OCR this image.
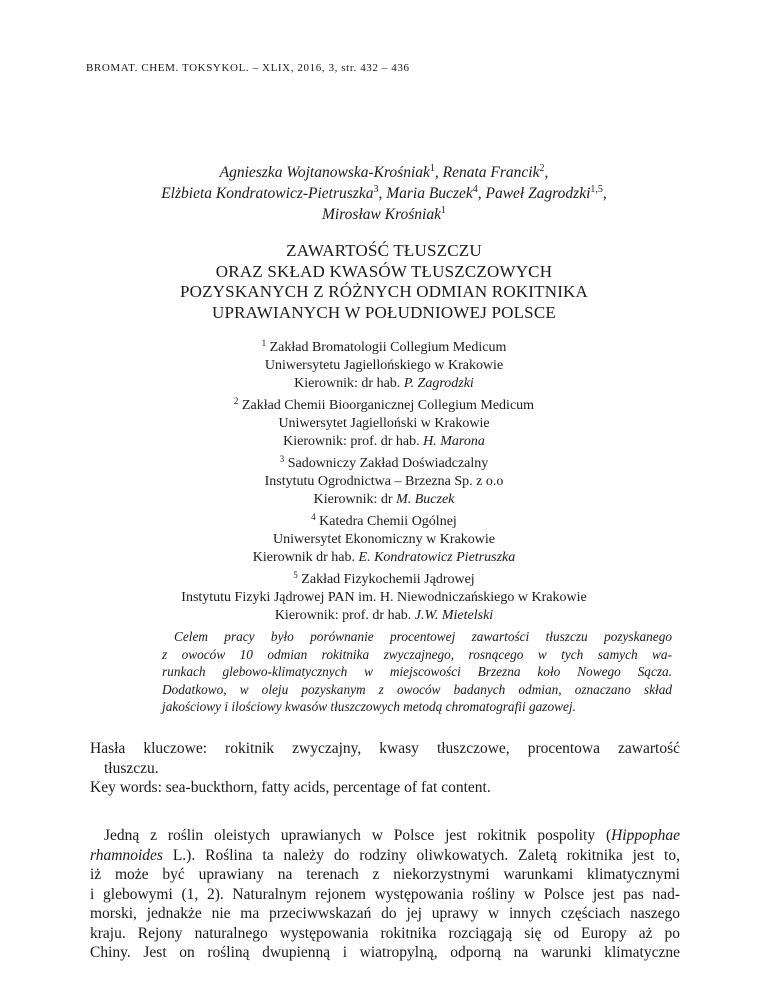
BROMAT. CHEM. TOKSYKOL. – XLIX, 2016, 3, str. 432 – 436
Agnieszka Wojtanowska-Krośniak$^1$, Renata Francik$^2$,
Elżbieta Kondratowicz-Pietruszka$^3$, Maria Buczek$^4$, Paweł Zagrodzki$^{1,5}$,
Mirosław Krośniak$^1$
ZAWARTOŚĆ TŁUSZCZU
ORAZ SKŁAD KWASÓW TŁUSZCZOWYCH
POZYSKANYCH Z RÓŻNYCH ODMIAN ROKITNIKA
UPRAWIANYCH W POŁUDNIOWEJ POLSCE
$^1$ Zakład Bromatologii Collegium Medicum
Uniwersytetu Jagiellońskiego w Krakowie
Kierownik: dr hab. P. Zagrodzki
$^2$ Zakład Chemii Bioorganicznej Collegium Medicum
Uniwersytet Jagielloński w Krakowie
Kierownik: prof. dr hab. H. Marona
$^3$ Sadowniczy Zakład Doświadczalny
Instytutu Ogrodnictwa – Brzezna Sp. z o.o
Kierownik: dr M. Buczek
$^4$ Katedra Chemii Ogólnej
Uniwersytet Ekonomiczny w Krakowie
Kierownik dr hab. E. Kondratowicz Pietruszka
$^5$ Zakład Fizykochemii Jądrowej
Instytutu Fizyki Jądrowej PAN im. H. Niewodniczańskiego w Krakowie
Kierownik: prof. dr hab. J.W. Mietelski
Celem pracy było porównanie procentowej zawartości tłuszczu pozyskanego
z owoców 10 odmian rokitnika zwyczajnego, rosnącego w tych samych wa-
runkach glebowo-klimatycznych w miejscowości Brzezna koło Nowego Sącza.
Dodatkowo, w oleju pozyskanym z owoców badanych odmian, oznaczano skład
jakościowy i ilościowy kwasów tłuszczowych metodą chromatografii gazowej.
Hasła kluczowe: rokitnik zwyczajny, kwasy tłuszczowe, procentowa zawartość
tłuszczu.
Key words: sea-buckthorn, fatty acids, percentage of fat content.
Jedną z roślin oleistych uprawianych w Polsce jest rokitnik pospolity (Hippophae
rhamnoides L.). Roślina ta należy do rodziny oliwkowatych. Zaletą rokitnika jest to,
iż może być uprawiany na terenach z niekorzystnymi warunkami klimatycznymi
i glebowymi (1, 2). Naturalnym rejonem występowania rośliny w Polsce jest pas nad-
morski, jednakże nie ma przeciwwskazań do jej uprawy w innych częściach naszego
kraju. Rejony naturalnego występowania rokitnika rozciągają się od Europy aż po
Chiny. Jest on rośliną dwupienną i wiatropylną, odporną na warunki klimatyczne
